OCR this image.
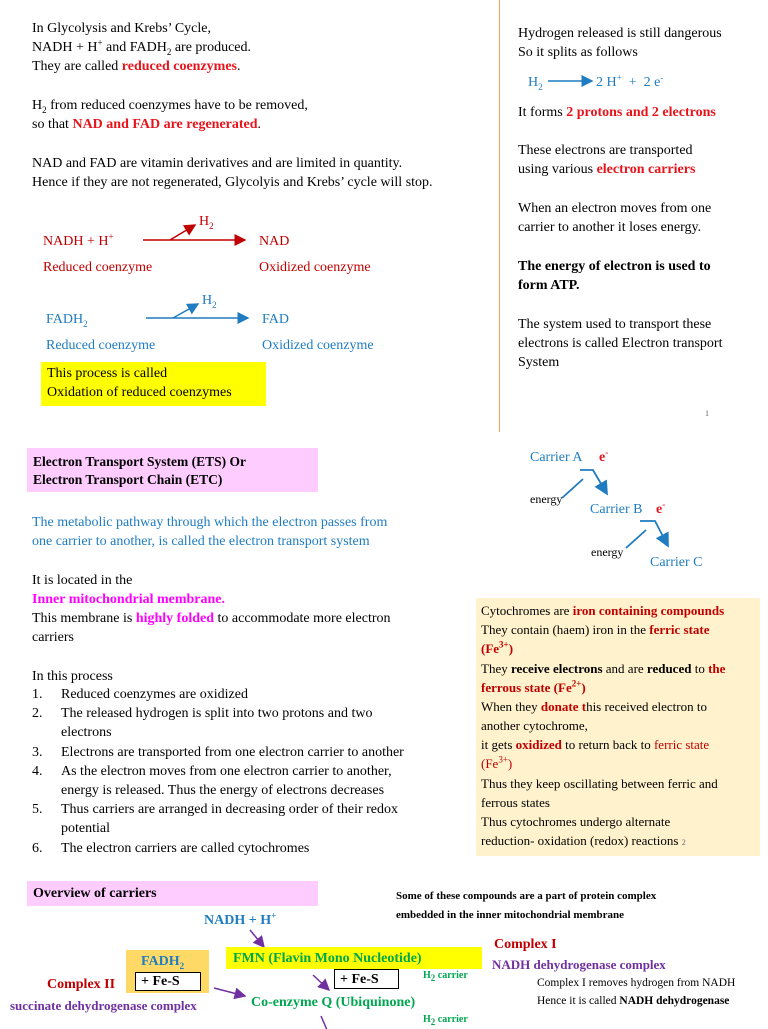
In Glycolysis and Krebs’ Cycle,
NADH + H+ and $FADH_2$ are produced.
They are called reduced coenzymes.
$H_2$ from reduced coenzymes have to be removed,
so that NAD and FAD are regenerated.
NAD and FAD are vitamin derivatives and are limited in quantity.
Hence if they are not regenerated, Glycolyis and Krebs’ cycle will stop.
NADH + H+
$H_2$
NAD
Reduced coenzyme	Oxidized coenzyme
$FADH_2$
$H_2$
FAD
Reduced coenzyme	Oxidized coenzyme
This process is called
Oxidation of reduced coenzymes
Hydrogen released is still dangerous
So it splits as follows
$H_2$	2 H+  +  2 e-
It forms 2 protons and 2 electrons
These electrons are transported
using various electron carriers
When an electron moves from one
carrier to another it loses energy.
The energy of electron is used to
form ATP.
The system used to transport these
electrons is called Electron transport
System
1
Electron Transport System (ETS) Or
Electron Transport Chain (ETC)
The metabolic pathway through which the electron passes from
one carrier to another, is called the electron transport system
It is located in the
Inner mitochondrial membrane.
This membrane is highly folded to accommodate more electron
carriers
In this process
1. Reduced coenzymes are oxidized
2. The released hydrogen is split into two protons and two
electrons
3. Electrons are transported from one electron carrier to another
4. As the electron moves from one electron carrier to another,
energy is released. Thus the energy of electrons decreases
5. Thus carriers are arranged in decreasing order of their redox
potential
6. The electron carriers are called cytochromes
Carrier A e-
energy
Carrier B e-
energy
Carrier C
Cytochromes are iron containing compounds
They contain (haem) iron in the ferric state
$(Fe^{3+})$
They receive electrons and are reduced to the
ferrous state $(Fe^{2+})$
When they donate this received electron to
another cytochrome,
it gets oxidized to return back to ferric state
$(Fe^{3+})$
Thus they keep oscillating between ferric and
ferrous states
Thus cytochromes undergo alternate
reduction- oxidation (redox) reactions 2
Overview of carriers	Some of these compounds are a part of protein complex
embedded in the inner mitochondrial membrane
NADH + H+
Complex I
NADH dehydrogenase complex
Complex I removes hydrogen from NADH
Hence it is called NADH dehydrogenase
$FADH_2$
+ Fe-S
FMN (Flavin Mono Nucleotide)
+ Fe-S	$H_2$ carrier
Complex II
succinate dehydrogenase complex	Co-enzyme Q (Ubiquinone)
$H_2$ carrier
